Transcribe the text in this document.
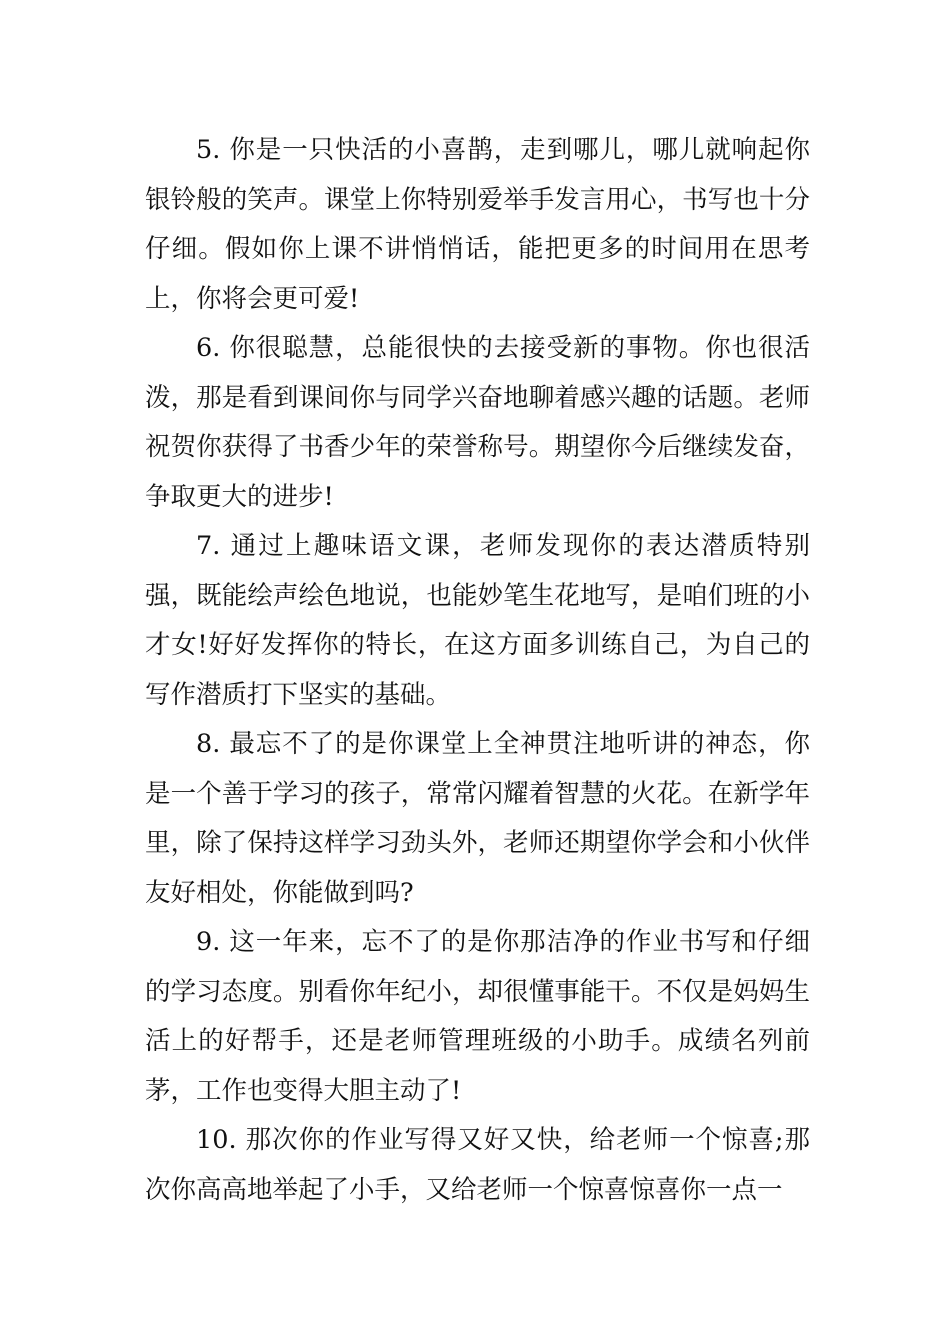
5. 你是一只快活的小喜鹊，走到哪儿，哪儿就响起你银铃般的笑声。课堂上你特别爱举手发言用心，书写也十分仔细。假如你上课不讲悄悄话，能把更多的时间用在思考上，你将会更可爱!

6. 你很聪慧，总能很快的去接受新的事物。你也很活泼，那是看到课间你与同学兴奋地聊着感兴趣的话题。老师祝贺你获得了书香少年的荣誉称号。期望你今后继续发奋，争取更大的进步!

7. 通过上趣味语文课，老师发现你的表达潜质特别强，既能绘声绘色地说，也能妙笔生花地写，是咱们班的小才女!好好发挥你的特长，在这方面多训练自己，为自己的写作潜质打下坚实的基础。

8. 最忘不了的是你课堂上全神贯注地听讲的神态，你是一个善于学习的孩子，常常闪耀着智慧的火花。在新学年里，除了保持这样学习劲头外，老师还期望你学会和小伙伴友好相处，你能做到吗?

9. 这一年来，忘不了的是你那洁净的作业书写和仔细的学习态度。别看你年纪小，却很懂事能干。不仅是妈妈生活上的好帮手，还是老师管理班级的小助手。成绩名列前茅，工作也变得大胆主动了!

10. 那次你的作业写得又好又快，给老师一个惊喜;那次你高高地举起了小手，又给老师一个惊喜惊喜你一点一
